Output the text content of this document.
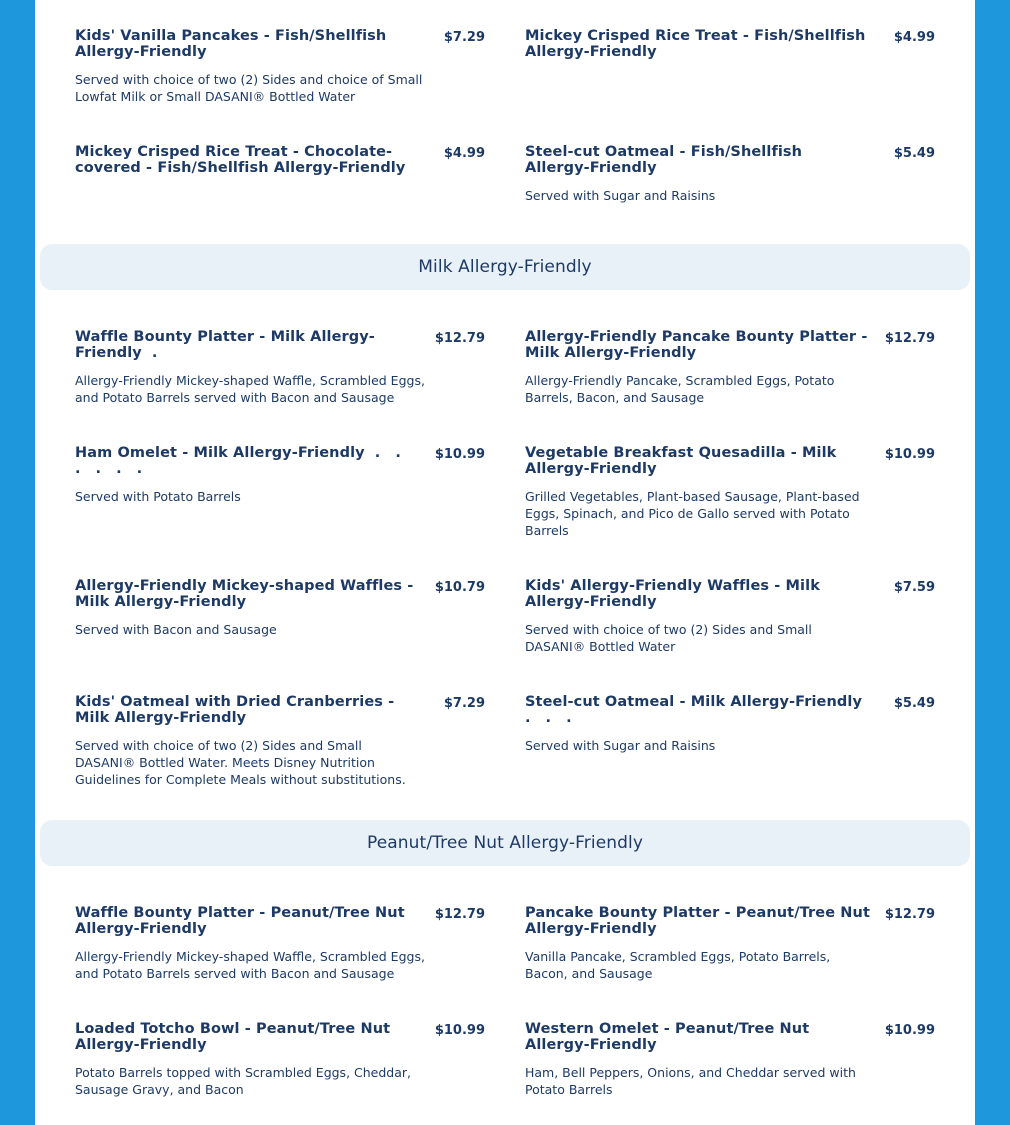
Kids' Vanilla Pancakes - Fish/Shellfish Allergy-Friendly
$7.29
Served with choice of two (2) Sides and choice of Small Lowfat Milk or Small DASANI® Bottled Water
Mickey Crisped Rice Treat - Fish/Shellfish Allergy-Friendly
$4.99
Mickey Crisped Rice Treat - Chocolate-covered - Fish/Shellfish Allergy-Friendly
$4.99	Steel-cut Oatmeal - Fish/Shellfish Allergy-Friendly
$5.49
Served with Sugar and Raisins
Milk Allergy-Friendly
Waffle Bounty Platter - Milk Allergy-Friendly .
$12.79
Allergy-Friendly Mickey-shaped Waffle, Scrambled Eggs, and Potato Barrels served with Bacon and Sausage
Allergy-Friendly Pancake Bounty Platter - Milk Allergy-Friendly
$12.79
Allergy-Friendly Pancake, Scrambled Eggs, Potato Barrels, Bacon, and Sausage
Ham Omelet - Milk Allergy-Friendly . . . . . .
$10.99
Served with Potato Barrels
Vegetable Breakfast Quesadilla - Milk Allergy-Friendly
$10.99
Grilled Vegetables, Plant-based Sausage, Plant-based Eggs, Spinach, and Pico de Gallo served with Potato Barrels
Allergy-Friendly Mickey-shaped Waffles - Milk Allergy-Friendly
$10.79
Served with Bacon and Sausage
Kids' Allergy-Friendly Waffles - Milk Allergy-Friendly
$7.59
Served with choice of two (2) Sides and Small DASANI® Bottled Water
Kids' Oatmeal with Dried Cranberries - Milk Allergy-Friendly
$7.29
Served with choice of two (2) Sides and Small DASANI® Bottled Water. Meets Disney Nutrition Guidelines for Complete Meals without substitutions.
Steel-cut Oatmeal - Milk Allergy-Friendly . . .
$5.49
Served with Sugar and Raisins
Peanut/Tree Nut Allergy-Friendly
Waffle Bounty Platter - Peanut/Tree Nut Allergy-Friendly
$12.79
Allergy-Friendly Mickey-shaped Waffle, Scrambled Eggs, and Potato Barrels served with Bacon and Sausage
Pancake Bounty Platter - Peanut/Tree Nut Allergy-Friendly
$12.79
Vanilla Pancake, Scrambled Eggs, Potato Barrels, Bacon, and Sausage
Loaded Totcho Bowl - Peanut/Tree Nut Allergy-Friendly
$10.99
Potato Barrels topped with Scrambled Eggs, Cheddar, Sausage Gravy, and Bacon
Western Omelet - Peanut/Tree Nut Allergy-Friendly
$10.99
Ham, Bell Peppers, Onions, and Cheddar served with Potato Barrels
